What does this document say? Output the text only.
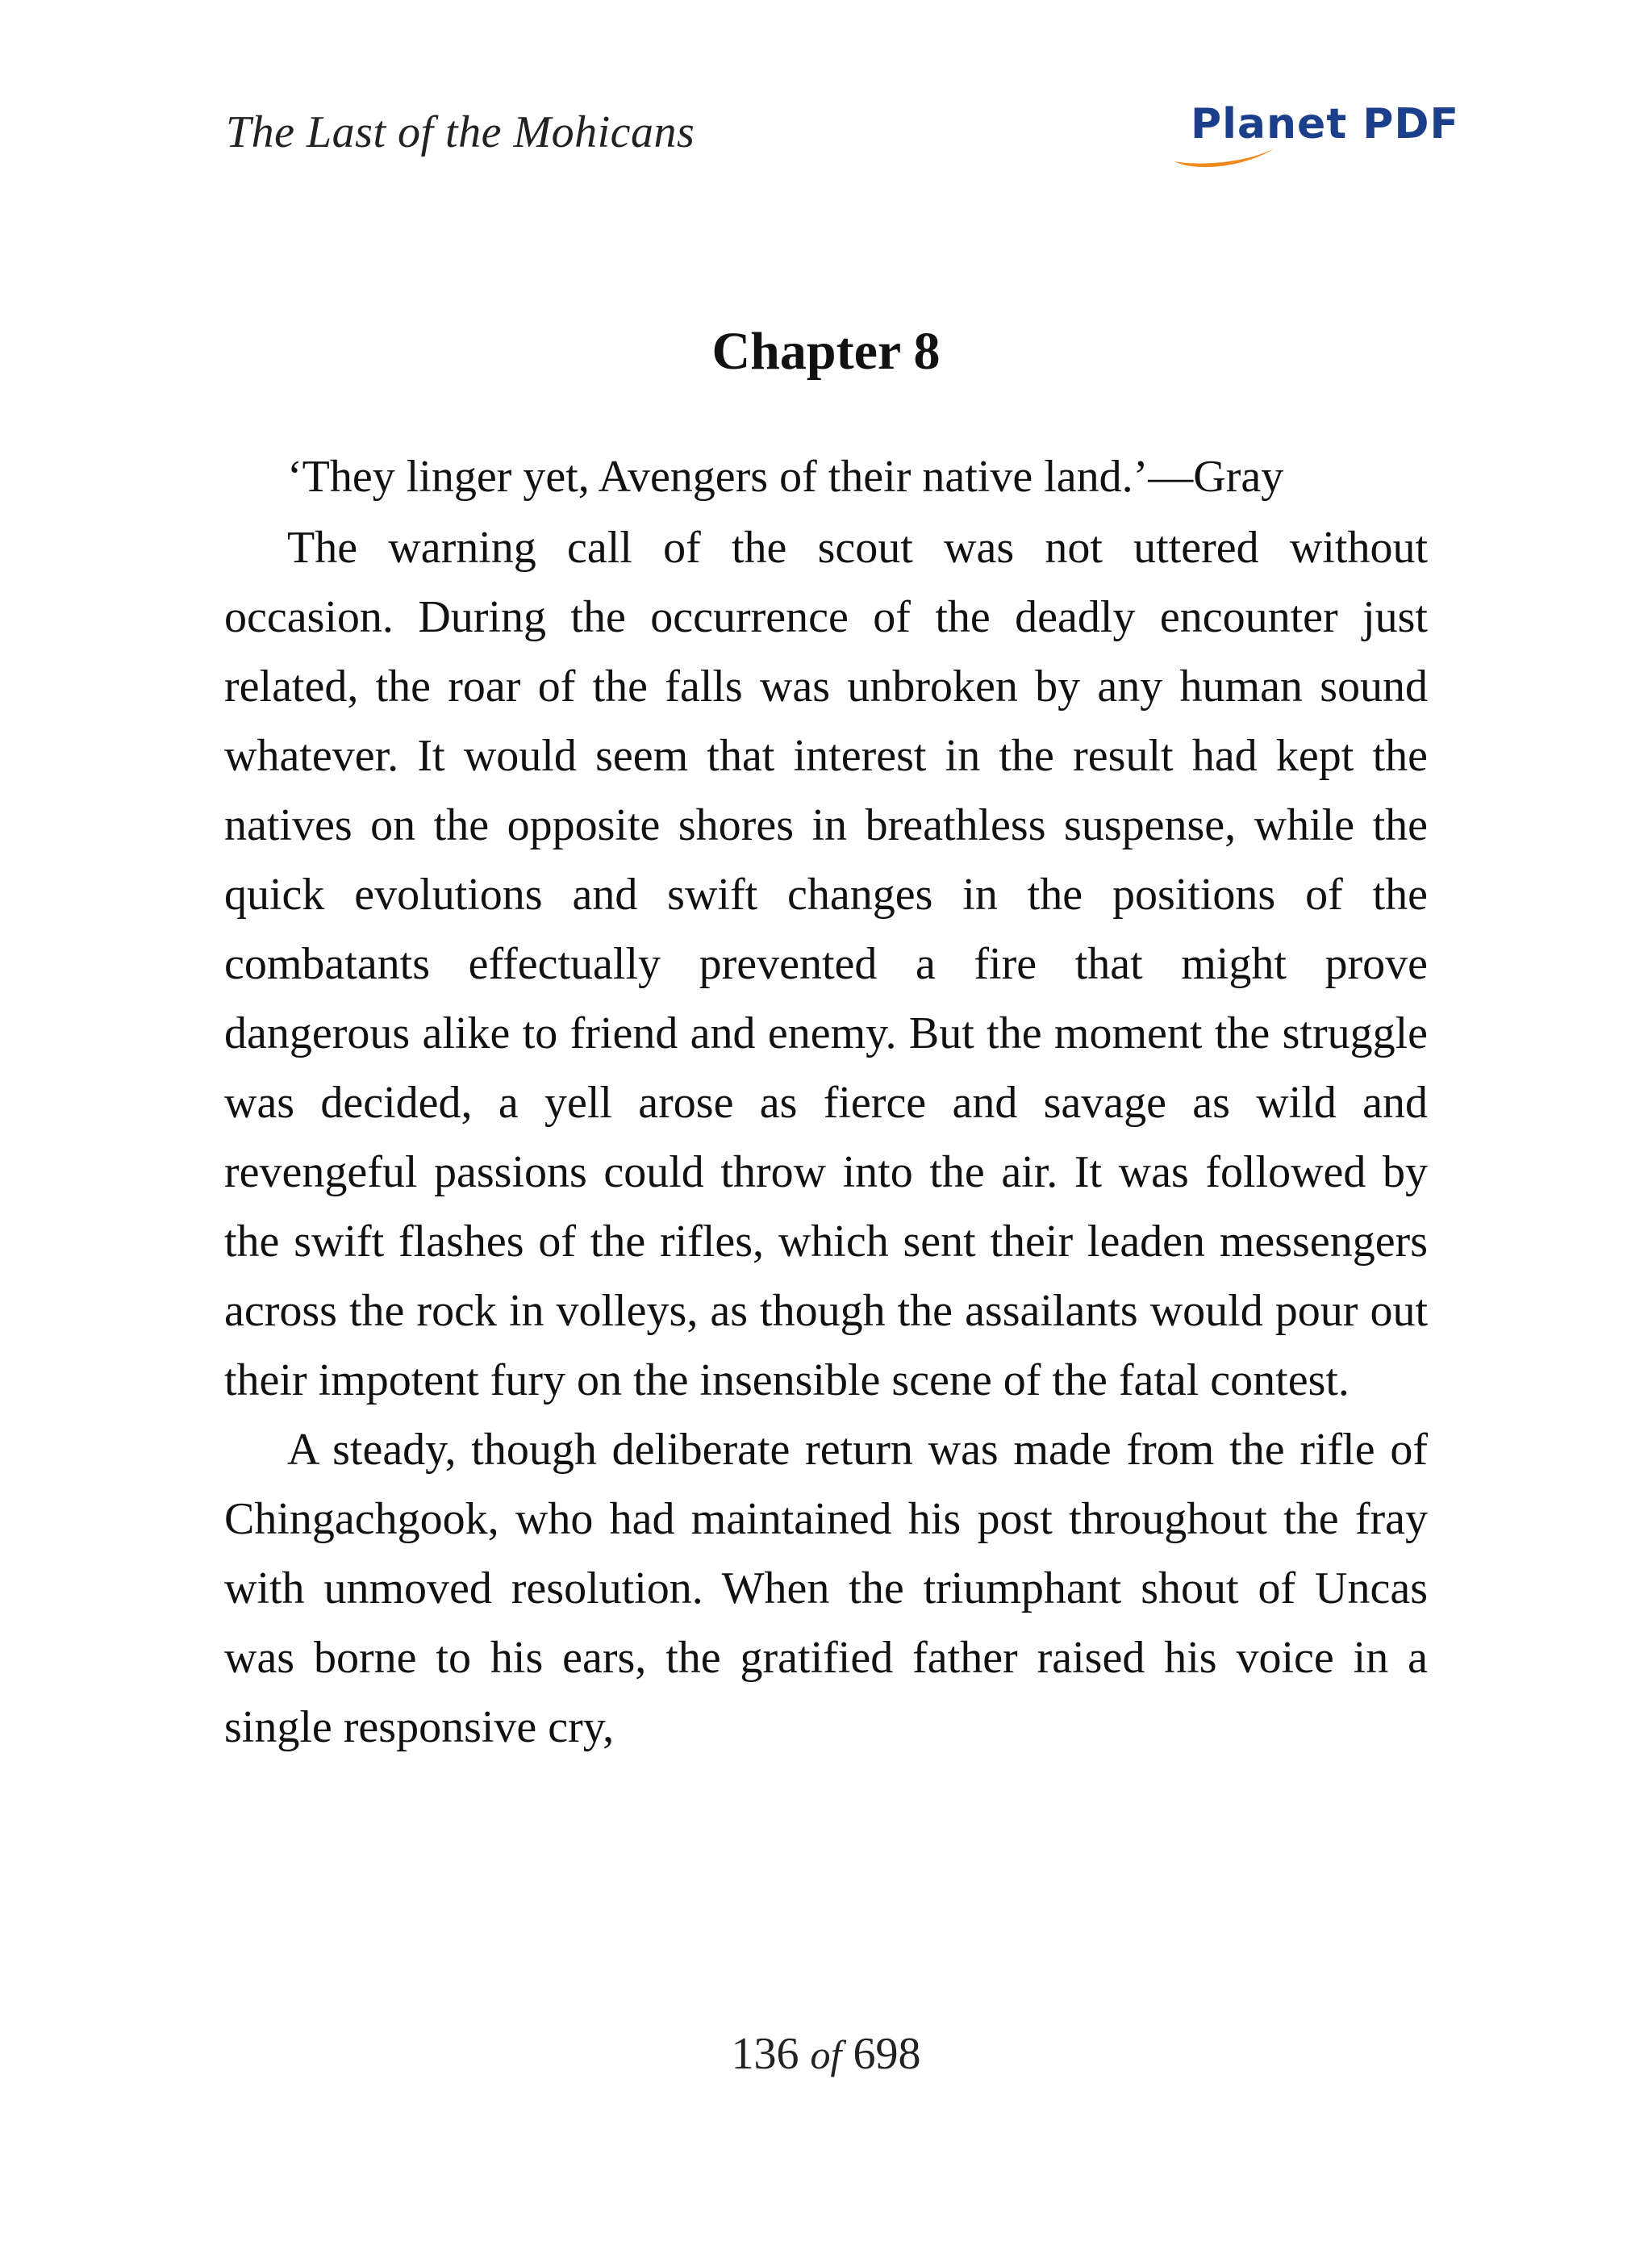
The Last of the Mohicans	Planet PDF
Chapter 8
‘They linger yet, Avengers of their native land.’—Gray

The warning call of the scout was not uttered without occasion. During the occurrence of the deadly encounter just related, the roar of the falls was unbroken by any human sound whatever. It would seem that interest in the result had kept the natives on the opposite shores in breathless suspense, while the quick evolutions and swift changes in the positions of the combatants effectually prevented a fire that might prove dangerous alike to friend and enemy. But the moment the struggle was decided, a yell arose as fierce and savage as wild and revengeful passions could throw into the air. It was followed by the swift flashes of the rifles, which sent their leaden messengers across the rock in volleys, as though the assailants would pour out their impotent fury on the insensible scene of the fatal contest.

A steady, though deliberate return was made from the rifle of Chingachgook, who had maintained his post throughout the fray with unmoved resolution. When the triumphant shout of Uncas was borne to his ears, the gratified father raised his voice in a single responsive cry,

136 of 698
